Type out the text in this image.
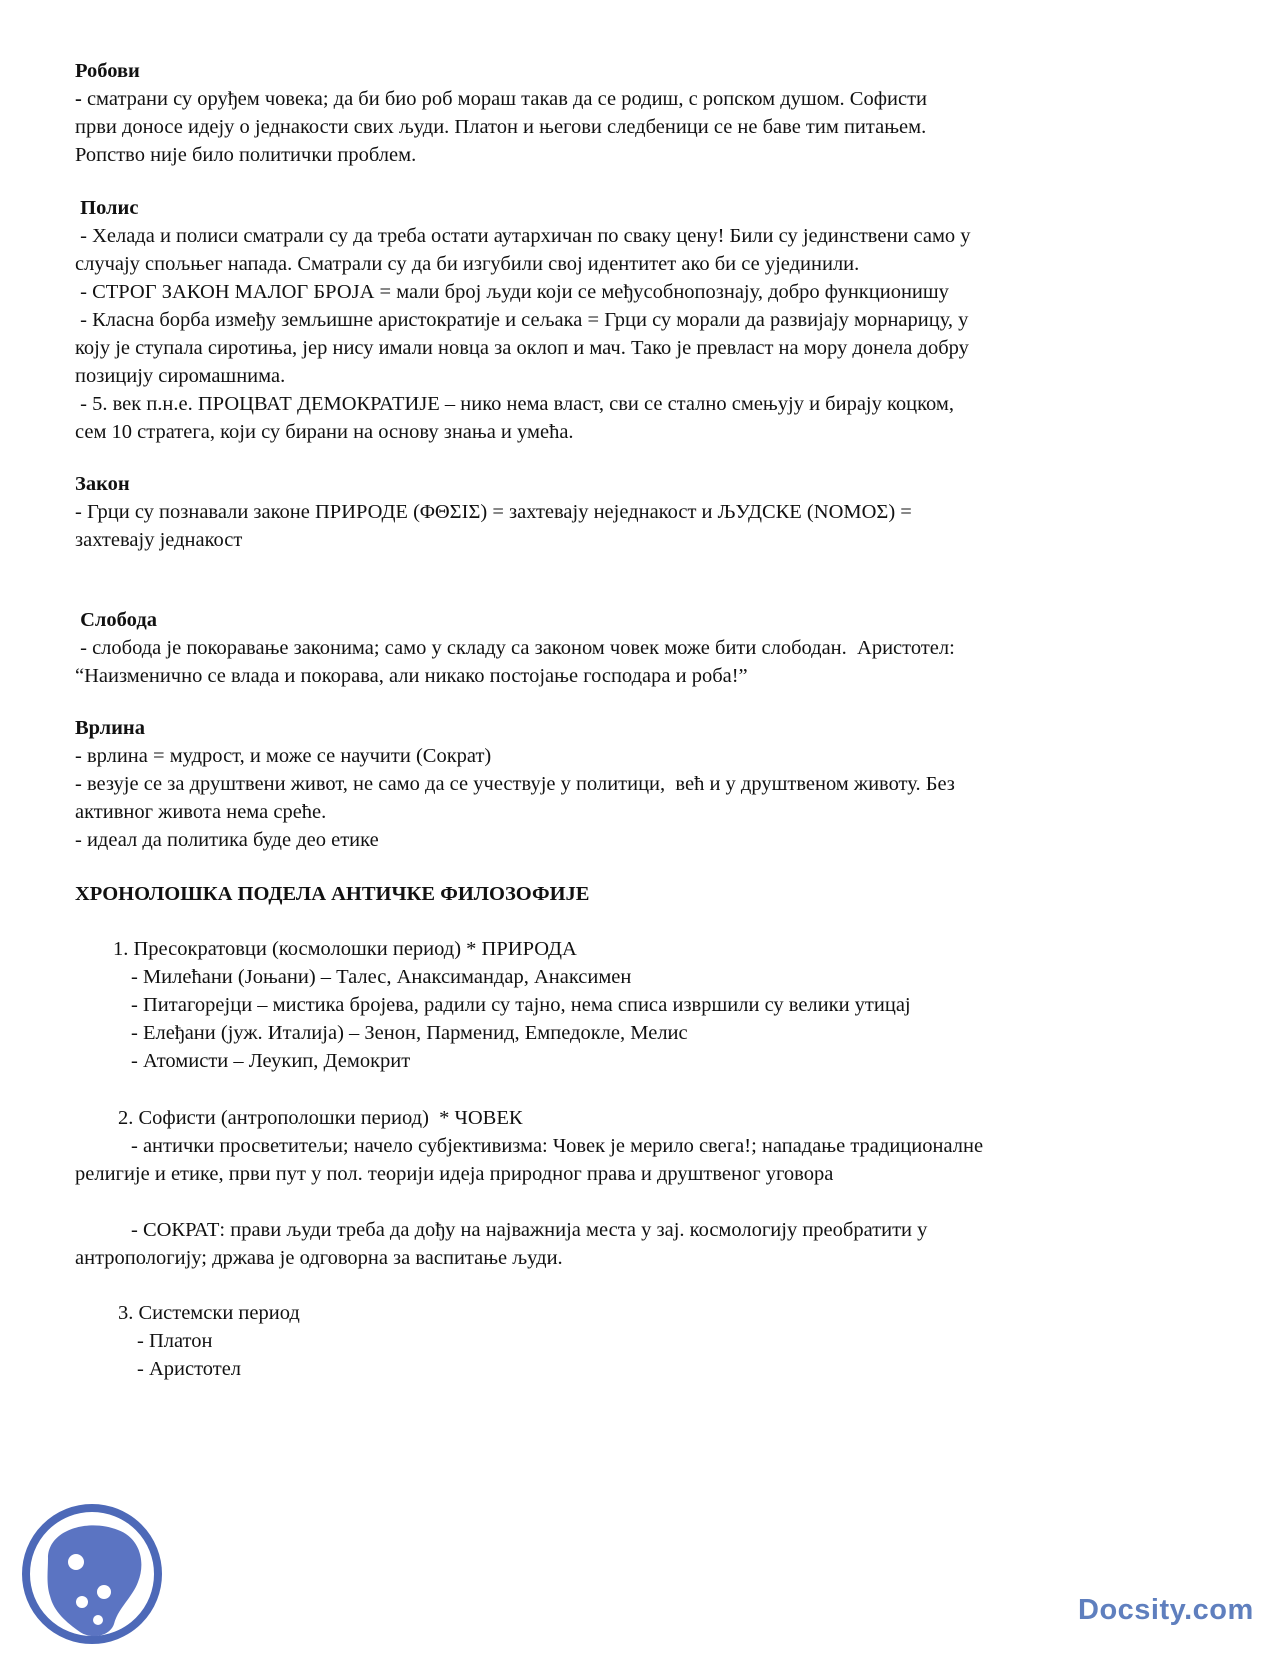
Робови
- сматрани су оруђем човека; да би био роб мораш такав да се родиш, с ропском душом. Софисти
први доносе идеју о једнакости свих људи. Платон и његови следбеници се не баве тим питањем.
Ропство није било политички проблем.
Полис
- Хелада и полиси сматрали су да треба остати аутархичан по сваку цену! Били су јединствени само у
случају спољњег напада. Сматрали су да би изгубили свој идентитет ако би се ујединили.
- СТРОГ ЗАКОН МАЛОГ БРОЈА = мали број људи који се међусобнопознају, добро функционишу
- Класна борба између земљишне аристократије и сељака = Грци су морали да развијају морнарицу, у
коју је ступала сиротиња, јер нису имали новца за оклоп и мач. Тако је превласт на мору донела добру
позицију сиромашнима.
- 5. век п.н.е. ПРОЦВАТ ДЕМОКРАТИЈЕ – нико нема власт, сви се стално смењују и бирају коцком,
сем 10 стратега, који су бирани на основу знања и умећа.
Закон
- Грци су познавали законе ПРИРОДЕ (ΦΘΣΙΣ) = захтевају неједнакост и ЉУДСКЕ (ΝΟΜΟΣ) =
захтевају једнакост
Слобода
- слобода је покоравање законима; само у складу са законом човек може бити слободан.  Аристотел:
“Наизменично се влада и покорава, али никако постојање господара и роба!”
Врлина
- врлина = мудрост, и може се научити (Сократ)
- везује се за друштвени живот, не само да се учествује у политици,  већ и у друштвеном животу. Без
активног живота нема среће.
- идеал да политика буде део етике
ХРОНОЛОШКА ПОДЕЛА АНТИЧКЕ ФИЛОЗОФИЈЕ
1. Пресократовци (космолошки период) * ПРИРОДА
- Милећани (Јоњани) – Талес, Анаксимандар, Анаксимен
- Питагорејци – мистика бројева, радили су тајно, нема списа извршили су велики утицај
- Елеђани (јуж. Италија) – Зенон, Парменид, Емпедокле, Мелис
- Атомисти – Леукип, Демокрит
2. Софисти (антрополошки период)  * ЧОВЕК
- антички просветитељи; начело субјективизма: Човек је мерило свега!; нападање традиционалне
религије и етике, први пут у пол. теорији идеја природног права и друштвеног уговора
- СОКРАТ: прави људи треба да дођу на најважнија места у зај. космологију преобратити у
антропологију; држава је одговорна за васпитање људи.
3. Системски период
- Платон
- Аристотел
Docsity.com
